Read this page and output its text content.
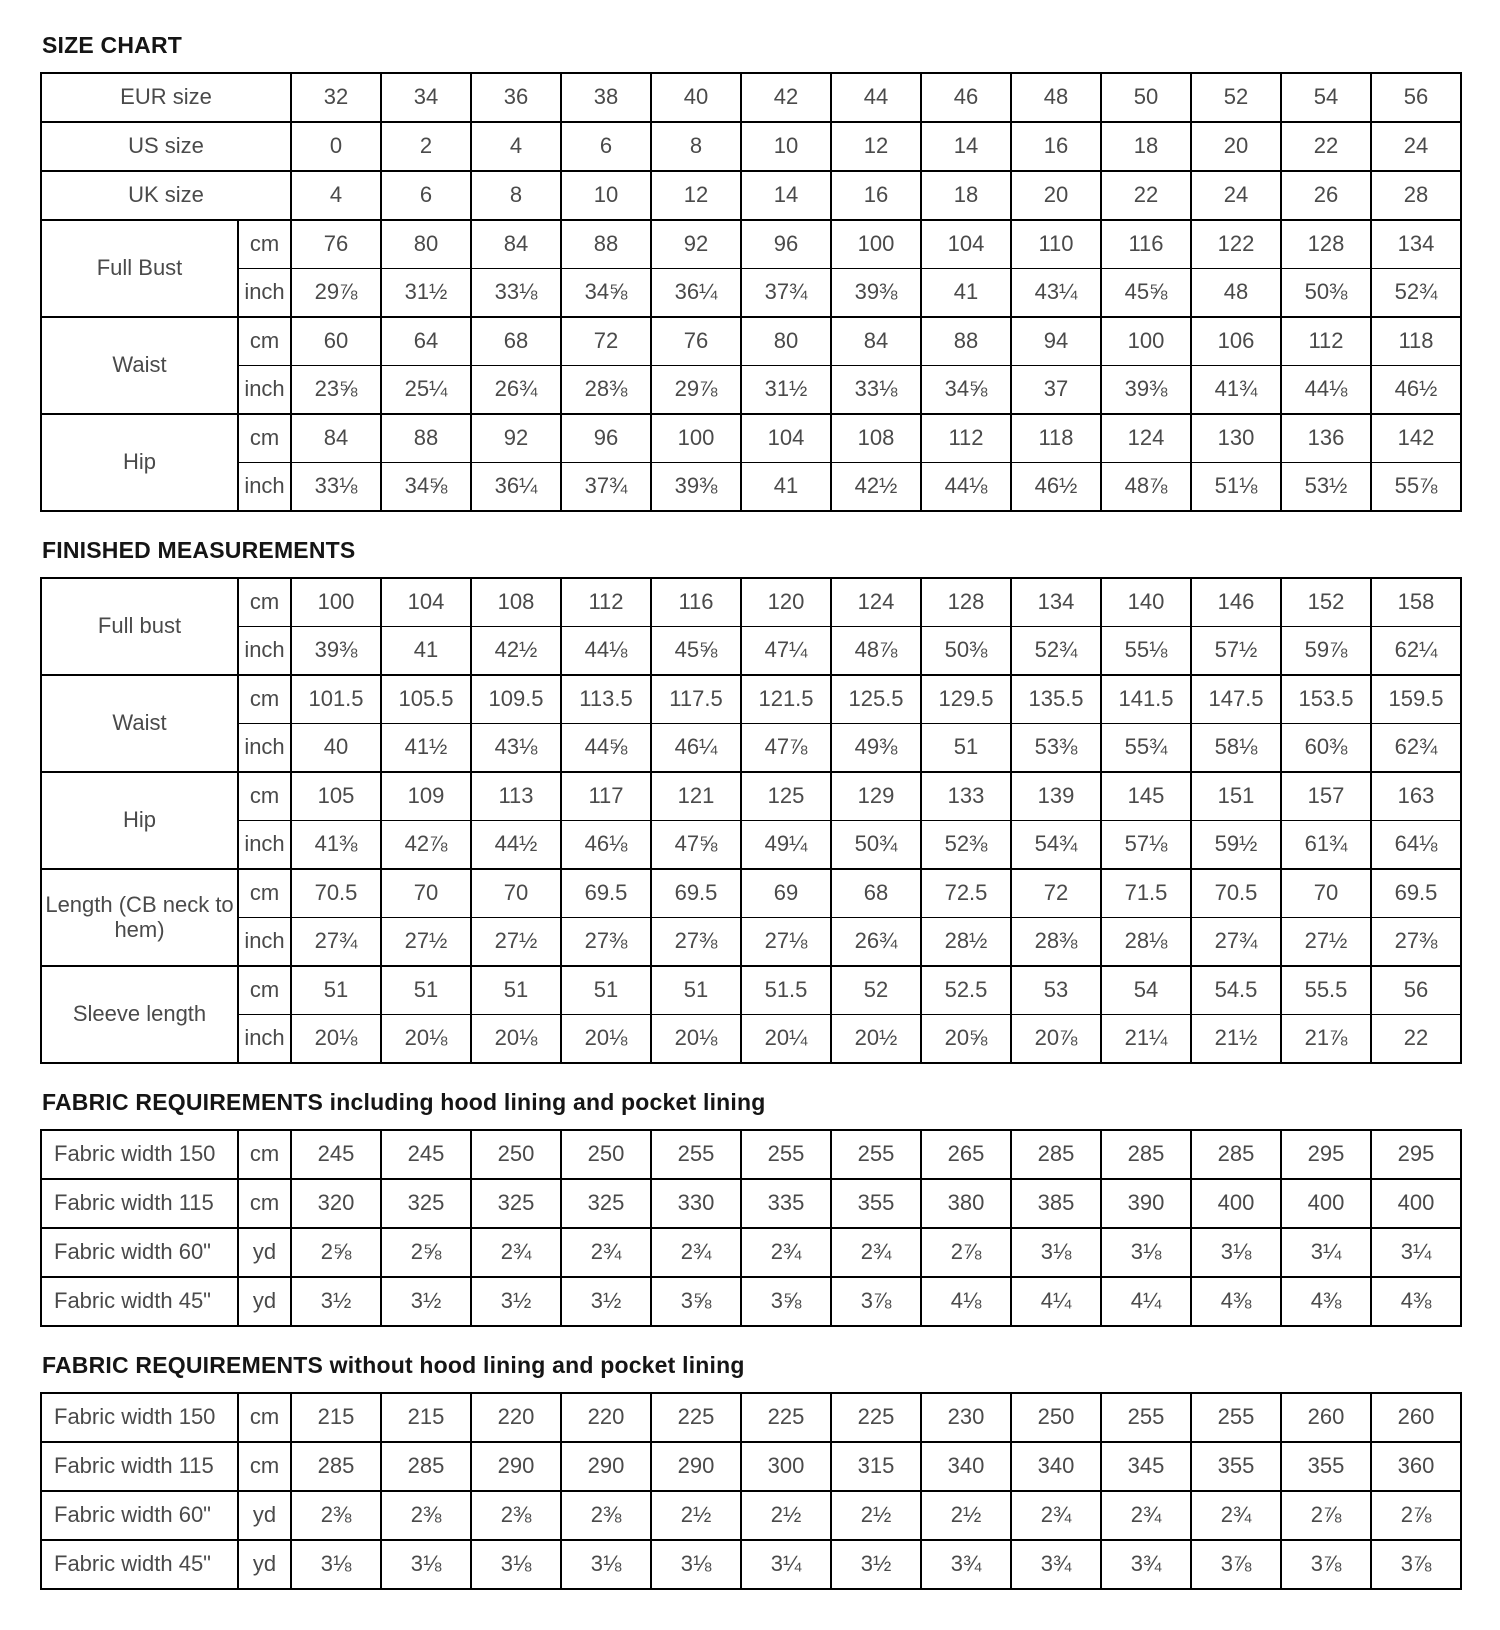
SIZE CHART
EUR size		32	34	36	38	40	42	44	46	48	50	52	54	56
US size		0	2	4	6	8	10	12	14	16	18	20	22	24
UK size		4	6	8	10	12	14	16	18	20	22	24	26	28
Full Bust	cm	76	80	84	88	92	96	100	104	110	116	122	128	134
	inch	29⅞	31½	33⅛	34⅝	36¼	37¾	39⅜	41	43¼	45⅝	48	50⅜	52¾
Waist	cm	60	64	68	72	76	80	84	88	94	100	106	112	118
	inch	23⅝	25¼	26¾	28⅜	29⅞	31½	33⅛	34⅝	37	39⅜	41¾	44⅛	46½
Hip	cm	84	88	92	96	100	104	108	112	118	124	130	136	142
	inch	33⅛	34⅝	36¼	37¾	39⅜	41	42½	44⅛	46½	48⅞	51⅛	53½	55⅞
FINISHED MEASUREMENTS
Full bust	cm	100	104	108	112	116	120	124	128	134	140	146	152	158
	inch	39⅜	41	42½	44⅛	45⅝	47¼	48⅞	50⅜	52¾	55⅛	57½	59⅞	62¼
Waist	cm	101.5	105.5	109.5	113.5	117.5	121.5	125.5	129.5	135.5	141.5	147.5	153.5	159.5
	inch	40	41½	43⅛	44⅝	46¼	47⅞	49⅜	51	53⅜	55¾	58⅛	60⅜	62¾
Hip	cm	105	109	113	117	121	125	129	133	139	145	151	157	163
	inch	41⅜	42⅞	44½	46⅛	47⅝	49¼	50¾	52⅜	54¾	57⅛	59½	61¾	64⅛
Length (CB neck to hem)	cm	70.5	70	70	69.5	69.5	69	68	72.5	72	71.5	70.5	70	69.5
	inch	27¾	27½	27½	27⅜	27⅜	27⅛	26¾	28½	28⅜	28⅛	27¾	27½	27⅜
Sleeve length	cm	51	51	51	51	51	51.5	52	52.5	53	54	54.5	55.5	56
	inch	20⅛	20⅛	20⅛	20⅛	20⅛	20¼	20½	20⅝	20⅞	21¼	21½	21⅞	22
FABRIC REQUIREMENTS including hood lining and pocket lining
Fabric width 150	cm	245	245	250	250	255	255	255	265	285	285	285	295	295
Fabric width 115	cm	320	325	325	325	330	335	355	380	385	390	400	400	400
Fabric width 60"	yd	2⅝	2⅝	2¾	2¾	2¾	2¾	2¾	2⅞	3⅛	3⅛	3⅛	3¼	3¼
Fabric width 45"	yd	3½	3½	3½	3½	3⅝	3⅝	3⅞	4⅛	4¼	4¼	4⅜	4⅜	4⅜
FABRIC REQUIREMENTS without hood lining and pocket lining
Fabric width 150	cm	215	215	220	220	225	225	225	230	250	255	255	260	260
Fabric width 115	cm	285	285	290	290	290	300	315	340	340	345	355	355	360
Fabric width 60"	yd	2⅜	2⅜	2⅜	2⅜	2½	2½	2½	2½	2¾	2¾	2¾	2⅞	2⅞
Fabric width 45"	yd	3⅛	3⅛	3⅛	3⅛	3⅛	3¼	3½	3¾	3¾	3¾	3⅞	3⅞	3⅞
